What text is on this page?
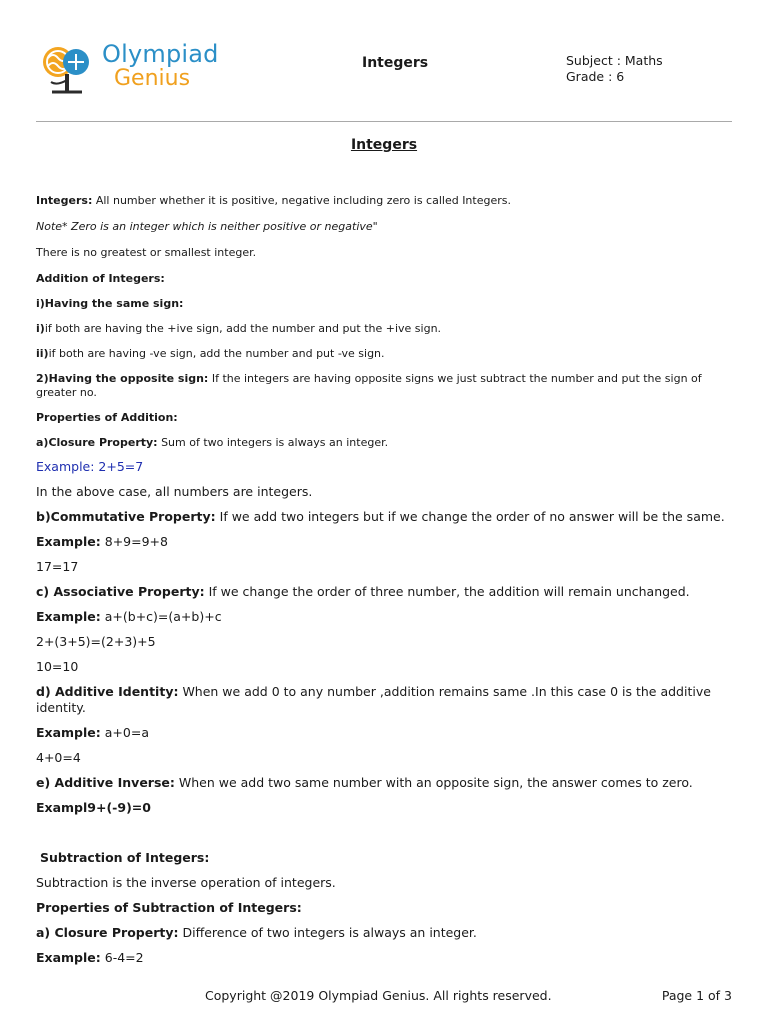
Olympiad
Genius
Integers	Subject : Maths
Grade : 6
Integers

Integers: All number whether it is positive, negative including zero is called Integers.

Note* Zero is an integer which is neither positive or negative"

There is no greatest or smallest integer.

Addition of Integers:

i)Having the same sign:

i)if both are having the +ive sign, add the number and put the +ive sign.

ii)if both are having -ve sign, add the number and put -ve sign.

2)Having the opposite sign: If the integers are having opposite signs we just subtract the number and put the sign of greater no.

Properties of Addition:

a)Closure Property: Sum of two integers is always an integer.

Example: 2+5=7

In the above case, all numbers are integers.

b)Commutative Property: If we add two integers but if we change the order of no answer will be the same.

Example: 8+9=9+8

17=17

c) Associative Property: If we change the order of three number, the addition will remain unchanged.

Example: a+(b+c)=(a+b)+c

2+(3+5)=(2+3)+5

10=10

d) Additive Identity: When we add 0 to any number ,addition remains same .In this case 0 is the additive identity.

Example: a+0=a

4+0=4

e) Additive Inverse: When we add two same number with an opposite sign, the answer comes to zero.

Exampl9+(-9)=0

Subtraction of Integers:

Subtraction is the inverse operation of integers.

Properties of Subtraction of Integers:

a) Closure Property: Difference of two integers is always an integer.

Example: 6-4=2

Copyright @2019 Olympiad Genius. All rights reserved.	Page 1 of 3
